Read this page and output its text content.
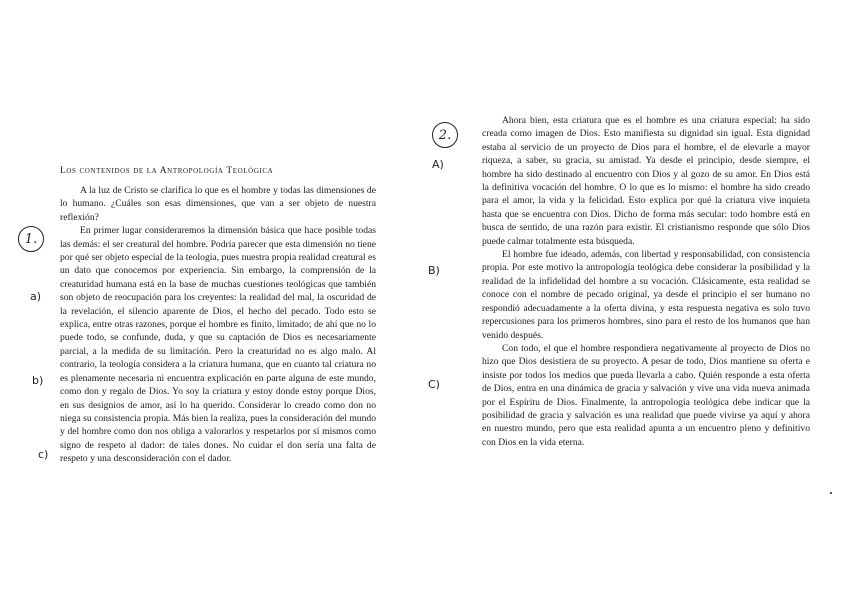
Los contenidos de la Antropología Teológica
1.
a)
b)
c)

A la luz de Cristo se clarifica lo que es el hombre y todas las dimensiones de lo humano. ¿Cuáles son esas dimensiones, que van a ser objeto de nuestra reflexión?

En primer lugar consideraremos la dimensión básica que hace posible todas las demás: el ser creatural del hombre. Podría parecer que esta dimensión no tiene por qué ser objeto especial de la teología, pues nuestra propia realidad creatural es un dato que conocemos por experiencia. Sin embargo, la comprensión de la creaturidad humana está en la base de muchas cuestiones teológicas que también son objeto de reocupación para los creyentes: la realidad del mal, la oscuridad de la revelación, el silencio aparente de Dios, el hecho del pecado. Todo esto se explica, entre otras razones, porque el hombre es finito, limitado; de ahí que no lo puede todo, se confunde, duda, y que su captación de Dios es necesariamente parcial, a la medida de su limitación. Pero la creaturidad no es algo malo. Al contrario, la teología considera a la criatura humana, que en cuanto tal criatura no es plenamente necesaria ni encuentra explicación en parte alguna de este mundo, como don y regalo de Dios. Yo soy la criatura y estoy donde estoy porque Dios, en sus designios de amor, así lo ha querido. Considerar lo creado como don no niega su consistencia propia. Más bien la realiza, pues la consideración del mundo y del hombre como don nos obliga a valorarlos y respetarlos por sí mismos como signo de respeto al dador: de tales dones. No cuidar el don sería una falta de respeto y una desconsideración con el dador.

2.
A)
B)
C)

Ahora bien, esta criatura que es el hombre es una criatura especial: ha sido creada como imagen de Dios. Esto manifiesta su dignidad sin igual. Esta dignidad estaba al servicio de un proyecto de Dios para el hombre, el de elevarle a mayor riqueza, a saber, su gracia, su amistad. Ya desde el principio, desde siempre, el hombre ha sido destinado al encuentro con Dios y al gozo de su amor. En Dios está la definitiva vocación del hombre. O lo que es lo mismo: el hombre ha sido creado para el amor, la vida y la felicidad. Esto explica por qué la criatura vive inquieta hasta que se encuentra con Dios. Dicho de forma más secular: todo hombre está en busca de sentido, de una razón para existir. El cristianismo responde que sólo Dios puede calmar totalmente esta búsqueda.

El hombre fue ideado, además, con libertad y responsabilidad, con consistencia propia. Por este motivo la antropología teológica debe considerar la posibilidad y la realidad de la infidelidad del hombre a su vocación. Clásicamente, esta realidad se conoce con el nombre de pecado original, ya desde el principio el ser humano no respondió adecuadamente a la oferta divina, y esta respuesta negativa es solo tuvo repercusiones para los primeros hombres, sino para el resto de los humanos que han venido después.

Con todo, el que el hombre respondiera negativamente al proyecto de Dios no hizo que Dios desistiera de su proyecto. A pesar de todo, Dios mantiene su oferta e insiste por todos los medios que pueda llevarla a cabo. Quién responde a esta oferta de Dios, entra en una dinámica de gracia y salvación y vive una vida nueva animada por el Espíritu de Dios. Finalmente, la antropología teológica debe indicar que la posibilidad de gracia y salvación es una realidad que puede vivirse ya aquí y ahora en nuestro mundo, pero que esta realidad apunta a un encuentro pleno y definitivo con Dios en la vida eterna.
